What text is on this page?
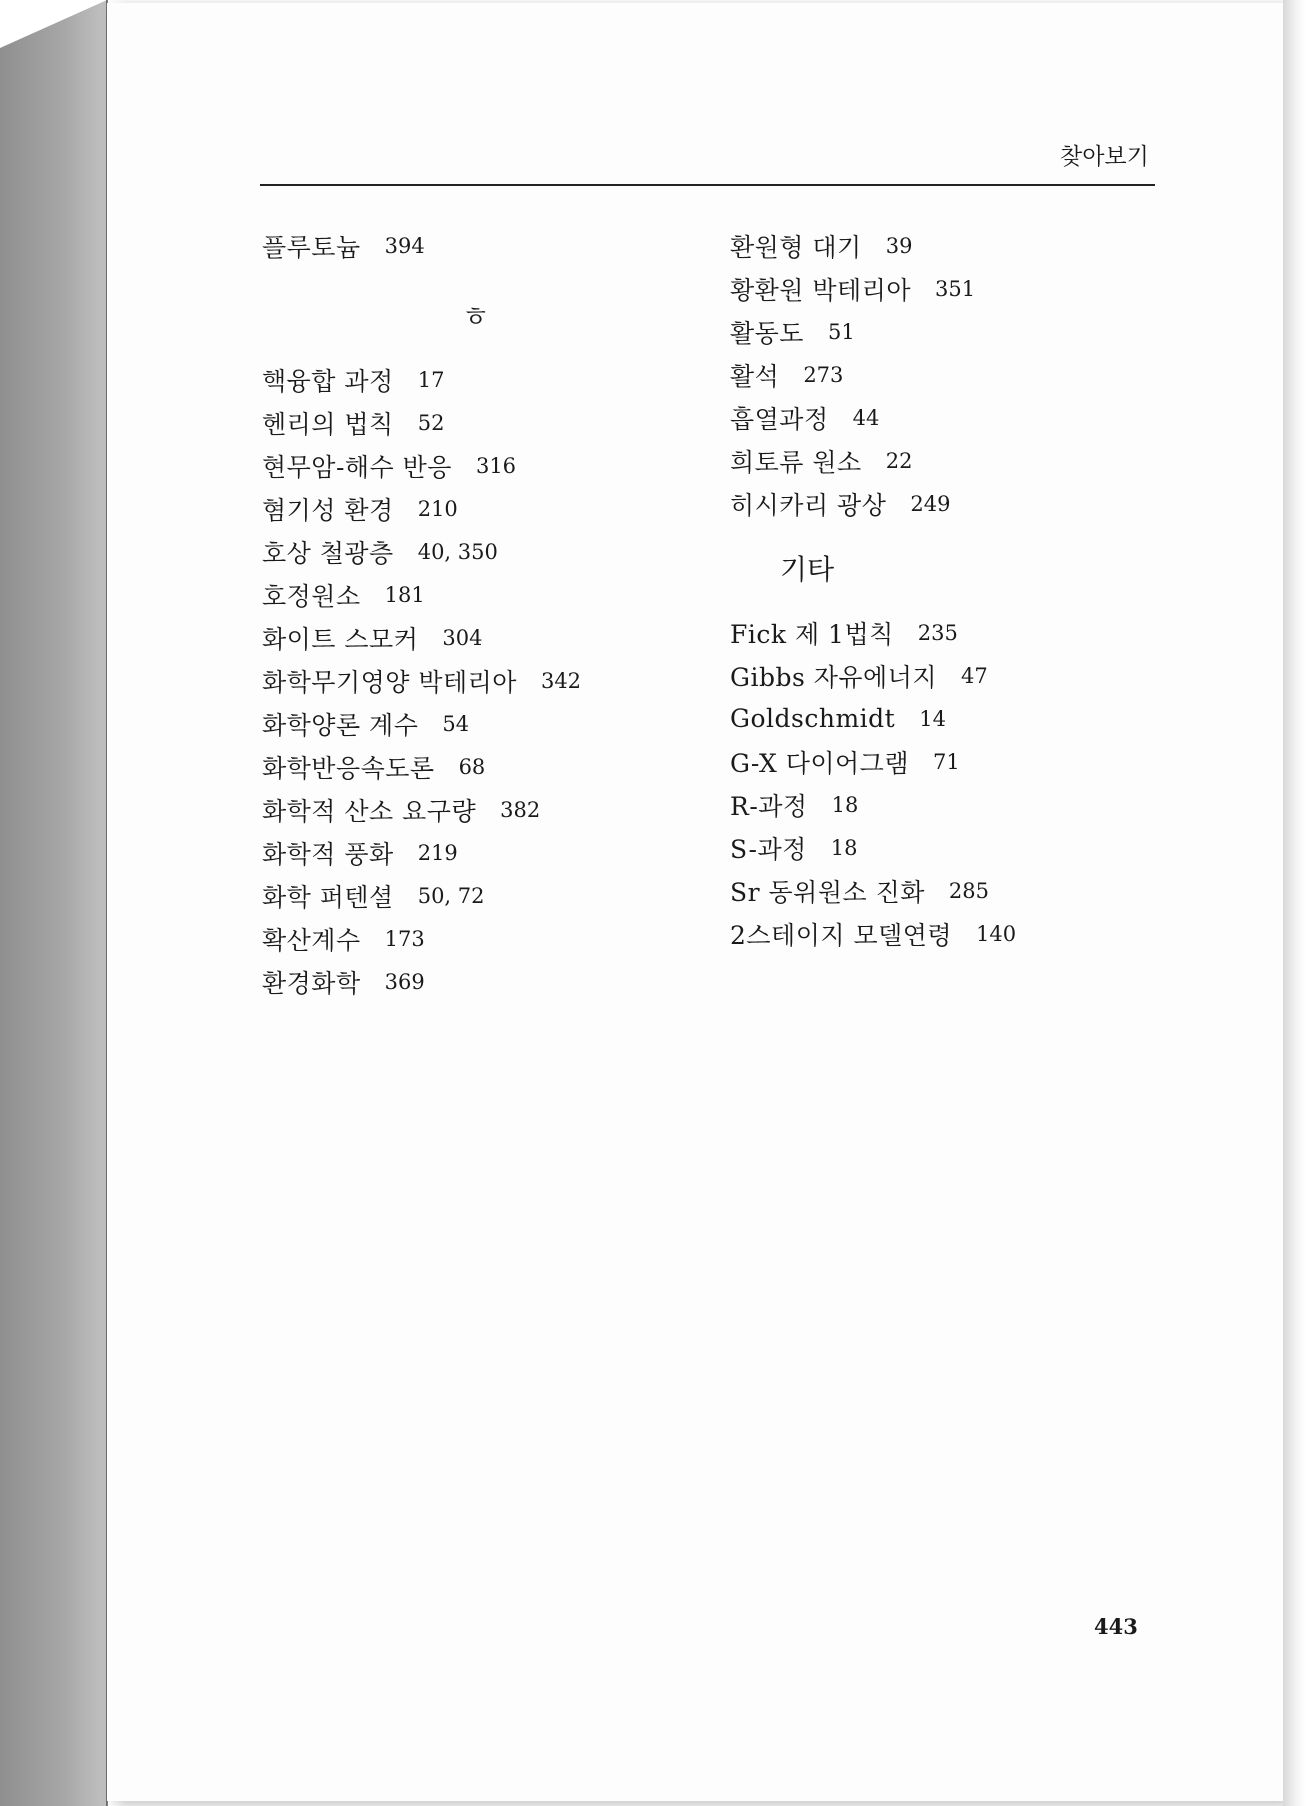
찾아보기
플루토늄 394
ㅎ
핵융합 과정 17
헨리의 법칙 52
현무암-해수 반응 316
혐기성 환경 210
호상 철광층 40, 350
호정원소 181
화이트 스모커 304
화학무기영양 박테리아 342
화학양론 계수 54
화학반응속도론 68
화학적 산소 요구량 382
화학적 풍화 219
화학 퍼텐셜 50, 72
확산계수 173
환경화학 369
환원형 대기 39
황환원 박테리아 351
활동도 51
활석 273
흡열과정 44
희토류 원소 22
히시카리 광상 249
기타
Fick 제 1법칙 235
Gibbs 자유에너지 47
Goldschmidt 14
G-X 다이어그램 71
R-과정 18
S-과정 18
Sr 동위원소 진화 285
2스테이지 모델연령 140
443
